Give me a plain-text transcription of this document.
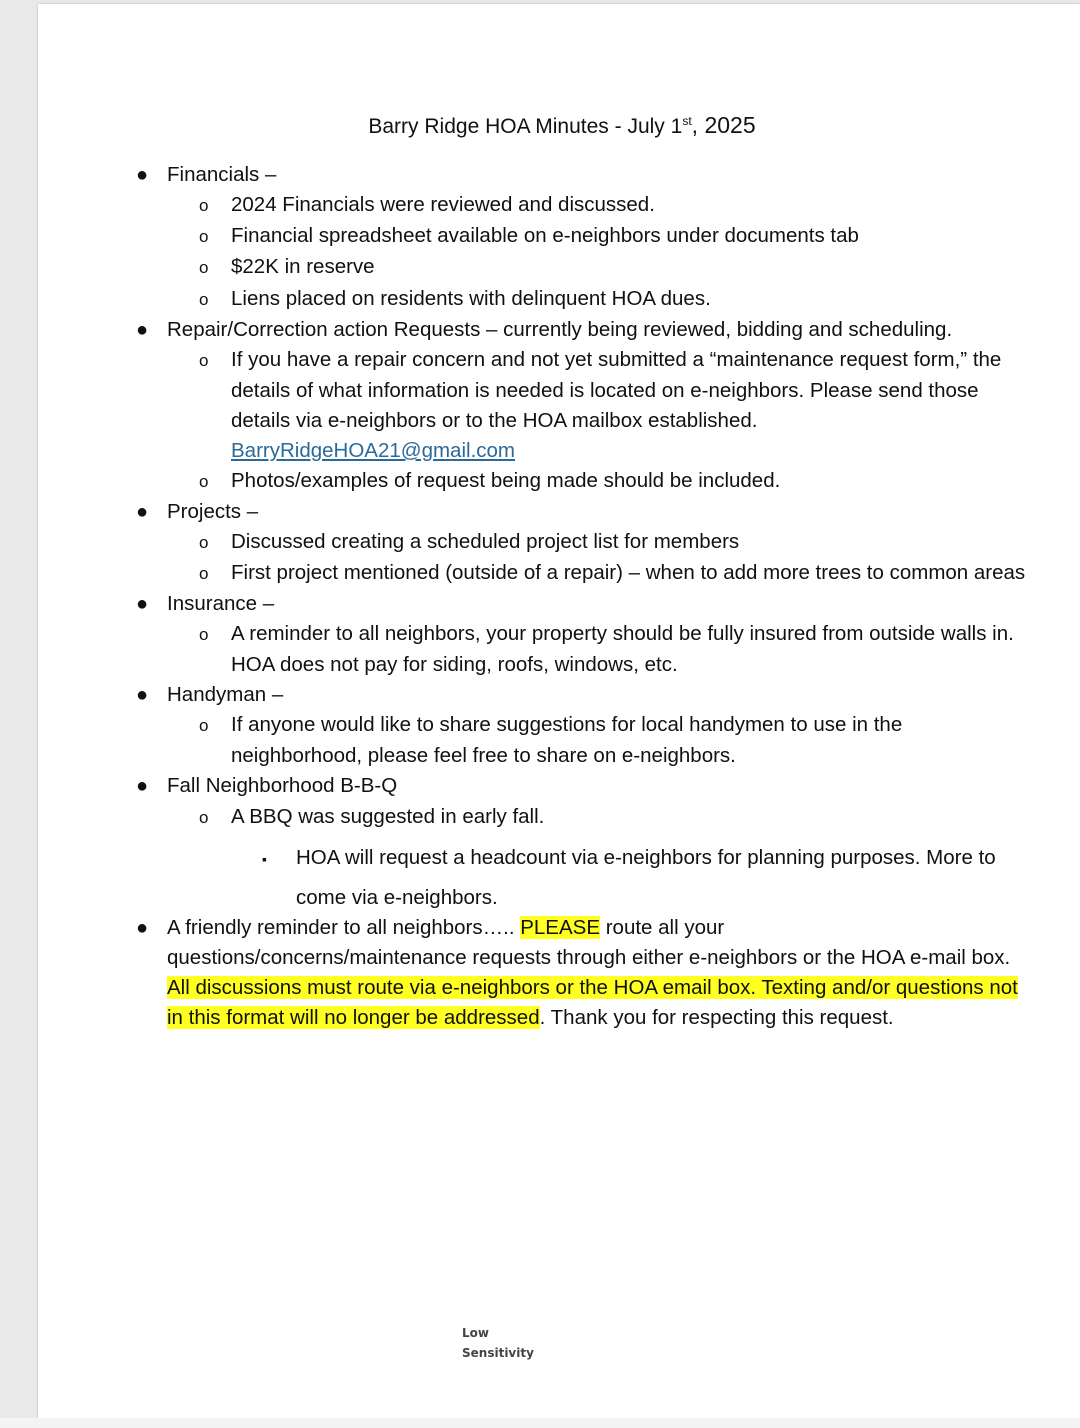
Barry Ridge HOA Minutes - July 1st, 2025
● Financials –
o 2024 Financials were reviewed and discussed.
o Financial spreadsheet available on e-neighbors under documents tab
o $22K in reserve
o Liens placed on residents with delinquent HOA dues.
● Repair/Correction action Requests – currently being reviewed, bidding and scheduling.
o If you have a repair concern and not yet submitted a “maintenance request form,” the
details of what information is needed is located on e-neighbors. Please send those
details via e-neighbors or to the HOA mailbox established.
BarryRidgeHOA21@gmail.com
o Photos/examples of request being made should be included.
● Projects –
o Discussed creating a scheduled project list for members
o First project mentioned (outside of a repair) – when to add more trees to common areas
● Insurance –
o A reminder to all neighbors, your property should be fully insured from outside walls in.
HOA does not pay for siding, roofs, windows, etc.
● Handyman –
o If anyone would like to share suggestions for local handymen to use in the
neighborhood, please feel free to share on e-neighbors.
● Fall Neighborhood B-B-Q
o A BBQ was suggested in early fall.
▪ HOA will request a headcount via e-neighbors for planning purposes. More to
come via e-neighbors.
● A friendly reminder to all neighbors….. PLEASE route all your
questions/concerns/maintenance requests through either e-neighbors or the HOA e-mail box.
All discussions must route via e-neighbors or the HOA email box. Texting and/or questions not
in this format will no longer be addressed. Thank you for respecting this request.
Low
Sensitivity
